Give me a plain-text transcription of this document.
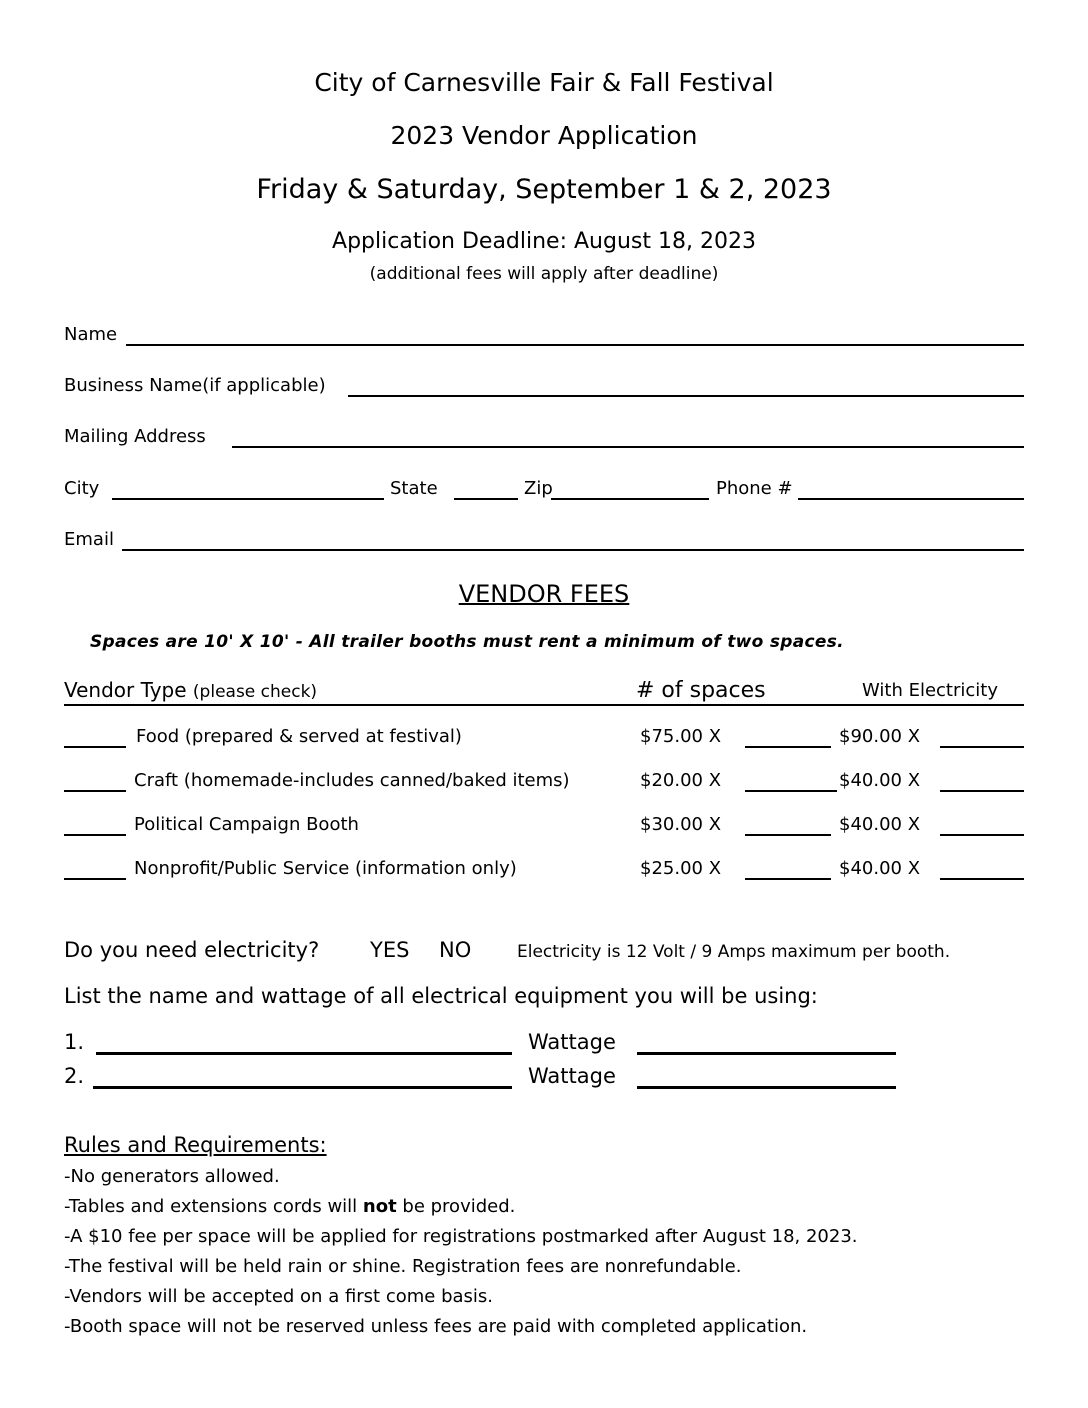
City of Carnesville Fair & Fall Festival
2023 Vendor Application
Friday & Saturday, September 1 & 2, 2023
Application Deadline: August 18, 2023
(additional fees will apply after deadline)
Name
Business Name(if applicable)
Mailing Address
City	State	Zip	Phone #
Email
VENDOR FEES
Spaces are 10' X 10' - All trailer booths must rent a minimum of two spaces.
Vendor Type (please check)	# of spaces	With Electricity
Food (prepared & served at festival)	$75.00 X	$90.00 X
Craft (homemade-includes canned/baked items)	$20.00 X	$40.00 X
Political Campaign Booth	$30.00 X	$40.00 X
Nonprofit/Public Service (information only)	$25.00 X	$40.00 X
Do you need electricity? YES NO	Electricity is 12 Volt / 9 Amps maximum per booth.
List the name and wattage of all electrical equipment you will be using:
1.	Wattage
2.	Wattage
Rules and Requirements:
-No generators allowed.
-Tables and extensions cords will not be provided.
-A $10 fee per space will be applied for registrations postmarked after August 18, 2023.
-The festival will be held rain or shine. Registration fees are nonrefundable.
-Vendors will be accepted on a first come basis.
-Booth space will not be reserved unless fees are paid with completed application.
